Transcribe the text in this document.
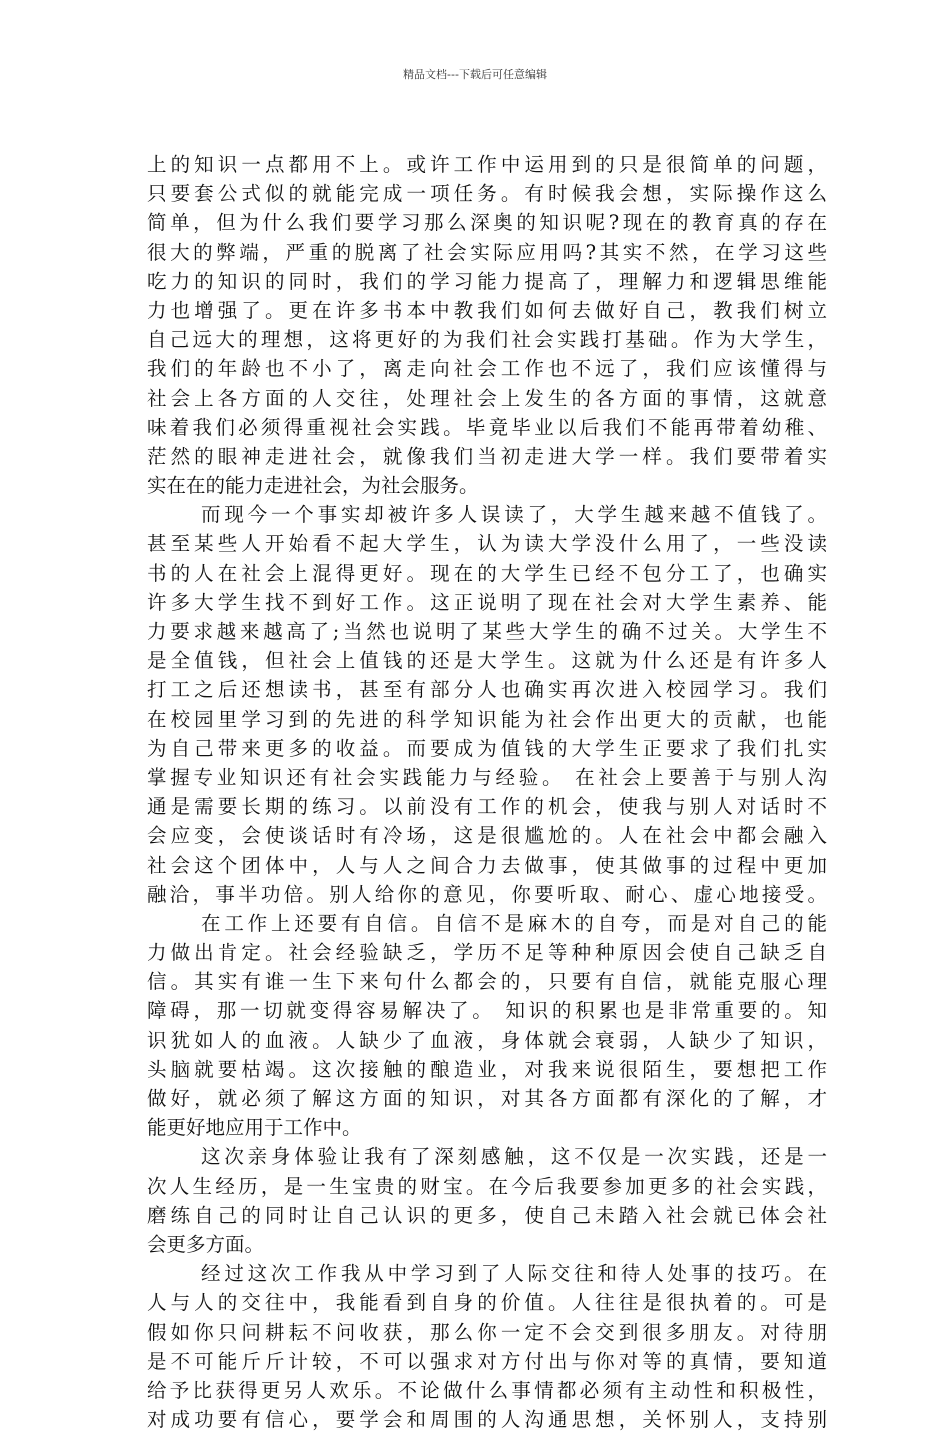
精品文档---下载后可任意编辑
上的知识一点都用不上。或许工作中运用到的只是很简单的问题，
只要套公式似的就能完成一项任务。有时候我会想，实际操作这么
简单，但为什么我们要学习那么深奥的知识呢?现在的教育真的存在
很大的弊端，严重的脱离了社会实际应用吗?其实不然，在学习这些
吃力的知识的同时，我们的学习能力提高了，理解力和逻辑思维能
力也增强了。更在许多书本中教我们如何去做好自己，教我们树立
自己远大的理想，这将更好的为我们社会实践打基础。作为大学生，
我们的年龄也不小了，离走向社会工作也不远了，我们应该懂得与
社会上各方面的人交往，处理社会上发生的各方面的事情，这就意
味着我们必须得重视社会实践。毕竟毕业以后我们不能再带着幼稚、
茫然的眼神走进社会，就像我们当初走进大学一样。我们要带着实
实在在的能力走进社会，为社会服务。
而现今一个事实却被许多人误读了，大学生越来越不值钱了。
甚至某些人开始看不起大学生，认为读大学没什么用了，一些没读
书的人在社会上混得更好。现在的大学生已经不包分工了，也确实
许多大学生找不到好工作。这正说明了现在社会对大学生素养、能
力要求越来越高了;当然也说明了某些大学生的确不过关。大学生不
是全值钱，但社会上值钱的还是大学生。这就为什么还是有许多人
打工之后还想读书，甚至有部分人也确实再次进入校园学习。我们
在校园里学习到的先进的科学知识能为社会作出更大的贡献，也能
为自己带来更多的收益。而要成为值钱的大学生正要求了我们扎实
掌握专业知识还有社会实践能力与经验。 在社会上要善于与别人沟
通是需要长期的练习。以前没有工作的机会，使我与别人对话时不
会应变，会使谈话时有冷场，这是很尴尬的。人在社会中都会融入
社会这个团体中，人与人之间合力去做事，使其做事的过程中更加
融洽，事半功倍。别人给你的意见，你要听取、耐心、虚心地接受。
在工作上还要有自信。自信不是麻木的自夸，而是对自己的能
力做出肯定。社会经验缺乏，学历不足等种种原因会使自己缺乏自
信。其实有谁一生下来句什么都会的，只要有自信，就能克服心理
障碍，那一切就变得容易解决了。 知识的积累也是非常重要的。知
识犹如人的血液。人缺少了血液，身体就会衰弱，人缺少了知识，
头脑就要枯竭。这次接触的酿造业，对我来说很陌生，要想把工作
做好，就必须了解这方面的知识，对其各方面都有深化的了解，才
能更好地应用于工作中。
这次亲身体验让我有了深刻感触，这不仅是一次实践，还是一
次人生经历，是一生宝贵的财宝。在今后我要参加更多的社会实践，
磨练自己的同时让自己认识的更多，使自己未踏入社会就已体会社
会更多方面。
经过这次工作我从中学习到了人际交往和待人处事的技巧。在
人与人的交往中，我能看到自身的价值。人往往是很执着的。可是
假如你只问耕耘不问收获，那么你一定不会交到很多朋友。对待朋
是不可能斤斤计较，不可以强求对方付出与你对等的真情，要知道
给予比获得更另人欢乐。不论做什么事情都必须有主动性和积极性，
对成功要有信心，要学会和周围的人沟通思想，关怀别人，支持别
